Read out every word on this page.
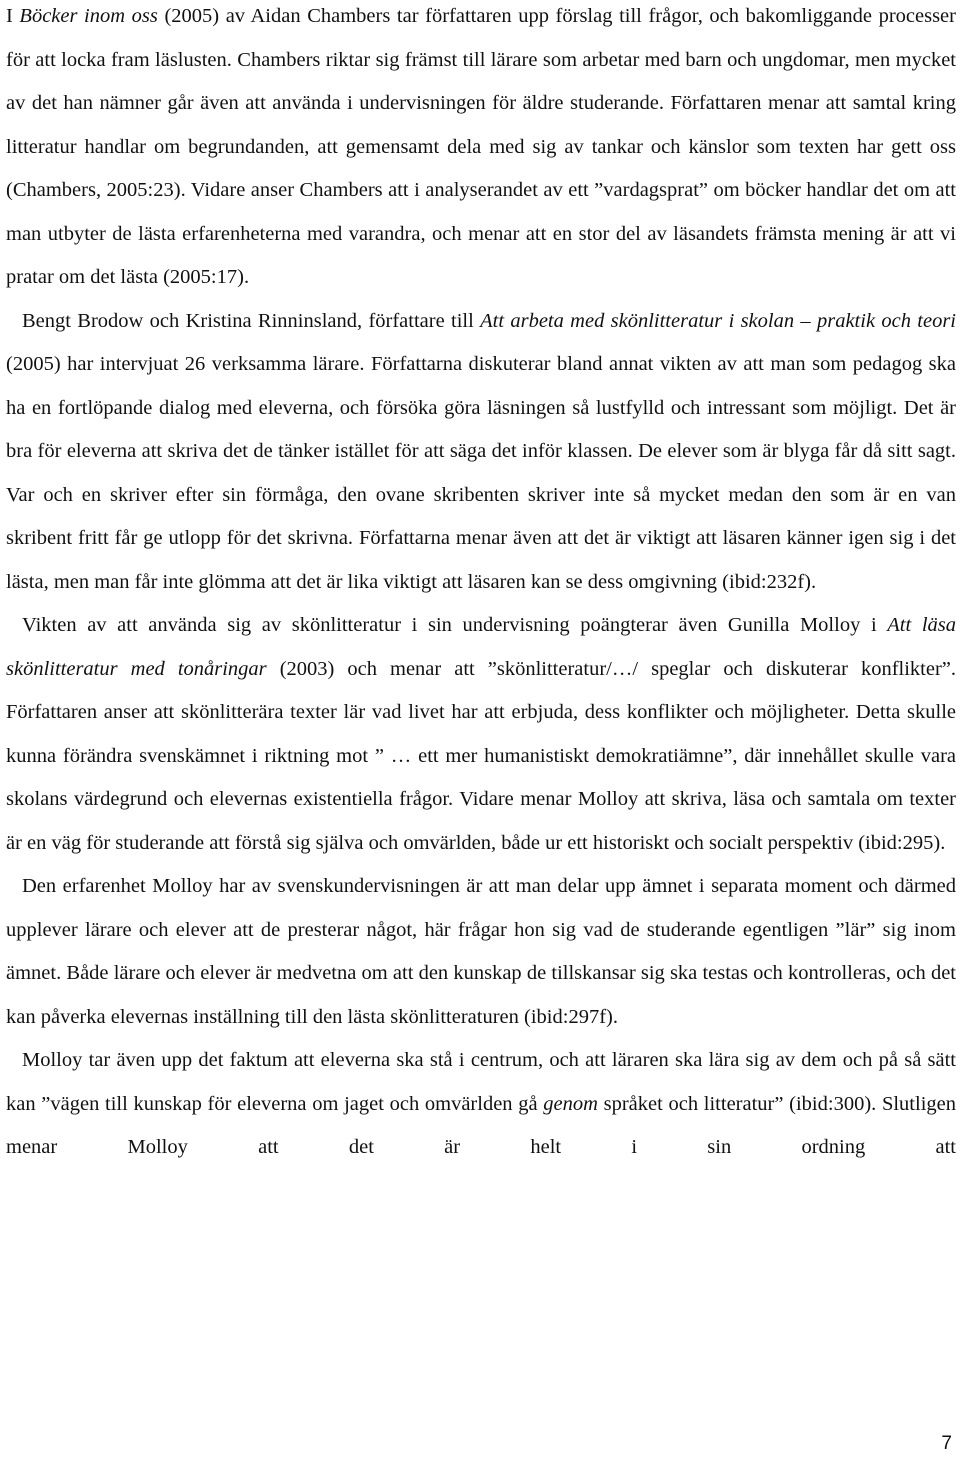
I Böcker inom oss (2005) av Aidan Chambers tar författaren upp förslag till frågor, och bakomliggande processer för att locka fram läslusten. Chambers riktar sig främst till lärare som arbetar med barn och ungdomar, men mycket av det han nämner går även att använda i undervisningen för äldre studerande. Författaren menar att samtal kring litteratur handlar om begrundanden, att gemensamt dela med sig av tankar och känslor som texten har gett oss (Chambers, 2005:23). Vidare anser Chambers att i analyserandet av ett ”vardagsprat” om böcker handlar det om att man utbyter de lästa erfarenheterna med varandra, och menar att en stor del av läsandets främsta mening är att vi pratar om det lästa (2005:17).

Bengt Brodow och Kristina Rinninsland, författare till Att arbeta med skönlitteratur i skolan – praktik och teori (2005) har intervjuat 26 verksamma lärare. Författarna diskuterar bland annat vikten av att man som pedagog ska ha en fortlöpande dialog med eleverna, och försöka göra läsningen så lustfylld och intressant som möjligt. Det är bra för eleverna att skriva det de tänker istället för att säga det inför klassen. De elever som är blyga får då sitt sagt. Var och en skriver efter sin förmåga, den ovane skribenten skriver inte så mycket medan den som är en van skribent fritt får ge utlopp för det skrivna. Författarna menar även att det är viktigt att läsaren känner igen sig i det lästa, men man får inte glömma att det är lika viktigt att läsaren kan se dess omgivning (ibid:232f).

Vikten av att använda sig av skönlitteratur i sin undervisning poängterar även Gunilla Molloy i Att läsa skönlitteratur med tonåringar (2003) och menar att ”skönlitteratur/…/ speglar och diskuterar konflikter”. Författaren anser att skönlitterära texter lär vad livet har att erbjuda, dess konflikter och möjligheter. Detta skulle kunna förändra svenskämnet i riktning mot ” … ett mer humanistiskt demokratiämne”, där innehållet skulle vara skolans värdegrund och elevernas existentiella frågor. Vidare menar Molloy att skriva, läsa och samtala om texter är en väg för studerande att förstå sig själva och omvärlden, både ur ett historiskt och socialt perspektiv (ibid:295).

Den erfarenhet Molloy har av svenskundervisningen är att man delar upp ämnet i separata moment och därmed upplever lärare och elever att de presterar något, här frågar hon sig vad de studerande egentligen ”lär” sig inom ämnet. Både lärare och elever är medvetna om att den kunskap de tillskansar sig ska testas och kontrolleras, och det kan påverka elevernas inställning till den lästa skönlitteraturen (ibid:297f).

Molloy tar även upp det faktum att eleverna ska stå i centrum, och att läraren ska lära sig av dem och på så sätt kan ”vägen till kunskap för eleverna om jaget och omvärlden gå genom språket och litteratur” (ibid:300). Slutligen menar Molloy att det är helt i sin ordning att

7
